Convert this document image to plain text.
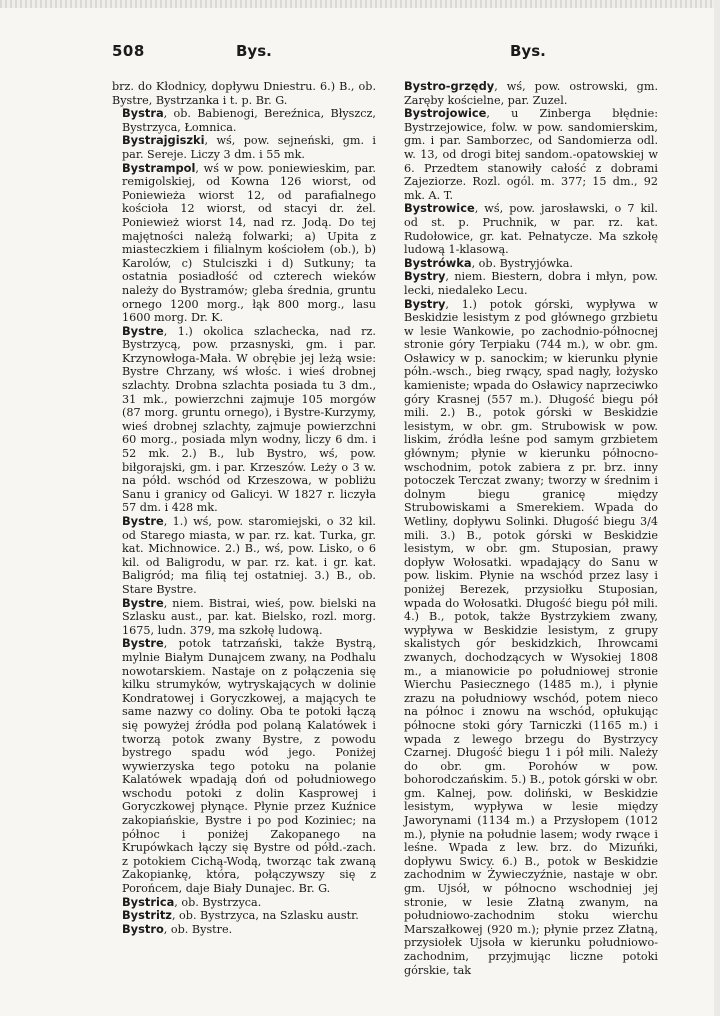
508	Bys.	Bys.

brz. do Kłodnicy, dopływu Dniestru. 6.) B., ob. Bystre, Bystrzanka i t. p. Br. G.

Bystra, ob. Babienogi, Bereźnica, Błyszcz, Bystrzyca, Łomnica.

Bystrajgiszki, wś, pow. sejneński, gm. i par. Sereje. Liczy 3 dm. i 55 mk.

Bystrampol, wś w pow. poniewieskim, par. remigolskiej, od Kowna 126 wiorst, od Poniewieża wiorst 12, od parafialnego kościoła 12 wiorst, od stacyi dr. żel. Poniewież wiorst 14, nad rz. Jodą. Do tej majętności należą folwarki; a) Upita z miasteczkiem i filialnym kościołem (ob.), b) Karolów, c) Stulciszki i d) Sutkuny; ta ostatnia posiadłość od czterech wieków należy do Bystramów; gleba średnia, gruntu ornego 1200 morg., łąk 800 morg., lasu 1600 morg. Dr. K.

Bystre, 1.) okolica szlachecka, nad rz. Bystrzycą, pow. przasnyski, gm. i par. Krzynowłoga-Mała. W obrębie jej leżą wsie: Bystre Chrzany, wś włośc. i wieś drobnej szlachty. Drobna szlachta posiada tu 3 dm., 31 mk., powierzchni zajmuje 105 morgów (87 morg. gruntu ornego), i Bystre-Kurzymy, wieś drobnej szlachty, zajmuje powierzchni 60 morg., posiada mlyn wodny, liczy 6 dm. i 52 mk. 2.) B., lub Bystro, wś, pow. biłgorajski, gm. i par. Krzeszów. Leży o 3 w. na półd. wschód od Krzeszowa, w pobliżu Sanu i granicy od Galicyi. W 1827 r. liczyła 57 dm. i 428 mk.

Bystre, 1.) wś, pow. staromiejski, o 32 kil. od Starego miasta, w par. rz. kat. Turka, gr. kat. Michnowice. 2.) B., wś, pow. Lisko, o 6 kil. od Baligrodu, w par. rz. kat. i gr. kat. Baligród; ma filią tej ostatniej. 3.) B., ob. Stare Bystre.

Bystre, niem. Bistrai, wieś, pow. bielski na Szlasku aust., par. kat. Bielsko, rozl. morg. 1675, ludn. 379, ma szkołę ludową.

Bystre, potok tatrzański, także Bystrą, mylnie Białym Dunajcem zwany, na Podhalu nowotarskiem. Nastaje on z połączenia się kilku strumyków, wytryskających w dolinie Kondratowej i Goryczkowej, a mających te same nazwy co doliny. Oba te potoki łączą się powyżej źródła pod polaną Kalatówek i tworzą potok zwany Bystre, z powodu bystrego spadu wód jego. Poniżej wywierzyska tego potoku na polanie Kalatówek wpadają doń od południowego wschodu potoki z dolin Kasprowej i Goryczkowej płynące. Płynie przez Kuźnice zakopiańskie, Bystre i po pod Koziniec; na północ i poniżej Zakopanego na Krupówkach łączy się Bystre od półd.-zach. z potokiem Cichą-Wodą, tworząc tak zwaną Zakopiankę, która, połączywszy się z Porońcem, daje Biały Dunajec. Br. G.

Bystrica, ob. Bystrzyca.

Bystritz, ob. Bystrzyca, na Szlasku austr.

Bystro, ob. Bystre.

Bystro-grzędy, wś, pow. ostrowski, gm. Zaręby kościelne, par. Zuzel.

Bystrojowice, u Zinberga błędnie: Bystrzejowice, folw. w pow. sandomierskim, gm. i par. Samborzec, od Sandomierza odl. w. 13, od drogi bitej sandom.-opatowskiej w 6. Przedtem stanowiły całość z dobrami Zajeziorze. Rozl. ogól. m. 377; 15 dm., 92 mk. A. T.

Bystrowice, wś, pow. jarosławski, o 7 kil. od st. p. Pruchnik, w par. rz. kat. Rudołowice, gr. kat. Pełnatycze. Ma szkołę ludową 1-klasową.

Bystrówka, ob. Bystryjówka.

Bystry, niem. Biestern, dobra i młyn, pow. lecki, niedaleko Lecu.

Bystry, 1.) potok górski, wypływa w Beskidzie lesistym z pod głównego grzbietu w lesie Wankowie, po zachodnio-północnej stronie góry Terpiaku (744 m.), w obr. gm. Osławicy w p. sanockim; w kierunku płynie półn.-wsch., bieg rwący, spad nagły, łożysko kamieniste; wpada do Osławicy naprzeciwko góry Krasnej (557 m.). Długość biegu pół mili. 2.) B., potok górski w Beskidzie lesistym, w obr. gm. Strubowisk w pow. liskim, źródła leśne pod samym grzbietem głównym; płynie w kierunku północno-wschodnim, potok zabiera z pr. brz. inny potoczek Terczat zwany; tworzy w średnim i dolnym biegu granicę między Strubowiskami a Smerekiem. Wpada do Wetliny, dopływu Solinki. Długość biegu 3/4 mili. 3.) B., potok górski w Beskidzie lesistym, w obr. gm. Stuposian, prawy dopływ Wołosatki. wpadający do Sanu w pow. liskim. Płynie na wschód przez lasy i poniżej Berezek, przysiołku Stuposian, wpada do Wołosatki. Długość biegu pół mili. 4.) B., potok, także Bystrzykiem zwany, wypływa w Beskidzie lesistym, z grupy skalistych gór beskidzkich, Ihrowcami zwanych, dochodzących w Wysokiej 1808 m., a mianowicie po południowej stronie Wierchu Pasiecznego (1485 m.), i płynie zrazu na południowy wschód, potem nieco na północ i znowu na wschód, opłukując północne stoki góry Tarniczki (1165 m.) i wpada z lewego brzegu do Bystrzycy Czarnej. Długość biegu 1 i pół mili. Należy do obr. gm. Porohów w pow. bohorodczańskim. 5.) B., potok górski w obr. gm. Kalnej, pow. doliński, w Beskidzie lesistym, wypływa w lesie między Jaworynami (1134 m.) a Przysłopem (1012 m.), płynie na południe lasem; wody rwące i leśne. Wpada z lew. brz. do Mizuńki, dopływu Swicy. 6.) B., potok w Beskidzie zachodnim w Żywieczyźnie, nastaje w obr. gm. Ujsół, w północno wschodniej jej stronie, w lesie Złatną zwanym, na południowo-zachodnim stoku wierchu Marszałkowej (920 m.); płynie przez Złatną, przysiołek Ujsoła w kierunku południowo-zachodnim, przyjmując liczne potoki górskie, tak
